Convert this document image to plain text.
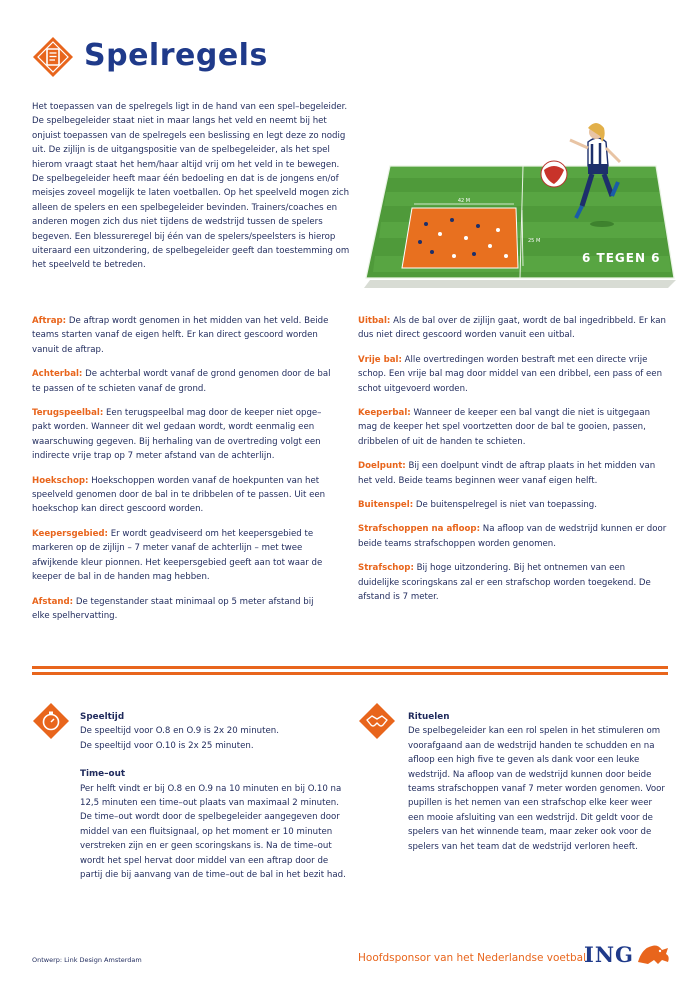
Spelregels
Het toepassen van de spelregels ligt in de hand van een spel–begeleider. De spelbegeleider staat niet in maar langs het veld en neemt bij het onjuist toepassen van de spelregels een beslissing en legt deze zo nodig uit. De zijlijn is de uitgangspositie van de spelbegeleider, als het spel hierom vraagt staat het hem/haar altijd vrij om het veld in te bewegen. De spelbegeleider heeft maar één bedoeling en dat is de jongens en/of meisjes zoveel mogelijk te laten voetballen. Op het speelveld mogen zich alleen de spelers en een spelbegeleider bevinden. Trainers/coaches en anderen mogen zich dus niet tijdens de wedstrijd tussen de spelers begeven. Een blessureregel bij één van de spelers/speelsters is hierop uiteraard een uitzondering, de spelbegeleider geeft dan toestemming om het speelveld te betreden.
42 M
25 M
6 TEGEN 6
Aftrap: De aftrap wordt genomen in het midden van het veld. Beide teams starten vanaf de eigen helft. Er kan direct gescoord worden vanuit de aftrap.
Achterbal: De achterbal wordt vanaf de grond genomen door de bal te passen of te schieten vanaf de grond.
Terugspeelbal: Een terugspeelbal mag door de keeper niet opge–pakt worden. Wanneer dit wel gedaan wordt, wordt eenmalig een waarschuwing gegeven. Bij herhaling van de overtreding volgt een indirecte vrije trap op 7 meter afstand van de achterlijn.
Hoekschop: Hoekschoppen worden vanaf de hoekpunten van het speelveld genomen door de bal in te dribbelen of te passen. Uit een hoekschop kan direct gescoord worden.
Keepersgebied: Er wordt geadviseerd om het keepersgebied te markeren op de zijlijn – 7 meter vanaf de achterlijn – met twee afwijkende kleur pionnen. Het keepersgebied geeft aan tot waar de keeper de bal in de handen mag hebben.
Afstand: De tegenstander staat minimaal op 5 meter afstand bij elke spelhervatting.
Uitbal: Als de bal over de zijlijn gaat, wordt de bal ingedribbeld. Er kan dus niet direct gescoord worden vanuit een uitbal.
Vrije bal: Alle overtredingen worden bestraft met een directe vrije schop. Een vrije bal mag door middel van een dribbel, een pass of een schot uitgevoerd worden.
Keeperbal: Wanneer de keeper een bal vangt die niet is uitgegaan mag de keeper het spel voortzetten door de bal te gooien, passen, dribbelen of uit de handen te schieten.
Doelpunt: Bij een doelpunt vindt de aftrap plaats in het midden van het veld. Beide teams beginnen weer vanaf eigen helft.
Buitenspel: De buitenspelregel is niet van toepassing.
Strafschoppen na afloop: Na afloop van de wedstrijd kunnen er door beide teams strafschoppen worden genomen.
Strafschop: Bij hoge uitzondering. Bij het ontnemen van een duidelijke scoringskans zal er een strafschop worden toegekend. De afstand is 7 meter.
Speeltijd
De speeltijd voor O.8 en O.9 is 2x 20 minuten.

De speeltijd voor O.10 is 2x 25 minuten.

Time–out

Per helft vindt er bij O.8 en O.9 na 10 minuten en bij O.10 na 12,5 minuten een time–out plaats van maximaal 2 minuten. De time–out wordt door de spelbegeleider aangegeven door middel van een fluitsignaal, op het moment er 10 minuten verstreken zijn en er geen scoringskans is. Na de time–out wordt het spel hervat door middel van een aftrap door de partij die bij aanvang van de time–out de bal in het bezit had.

Rituelen

De spelbegeleider kan een rol spelen in het stimuleren om voorafgaand aan de wedstrijd handen te schudden en na afloop een high five te geven als dank voor een leuke wedstrijd. Na afloop van de wedstrijd kunnen door beide teams strafschoppen vanaf 7 meter worden genomen. Voor pupillen is het nemen van een strafschop elke keer weer een mooie afsluiting van een wedstrijd. Dit geldt voor de spelers van het winnende team, maar zeker ook voor de spelers van het team dat de wedstrijd verloren heeft.

Ontwerp: Link Design Amsterdam	Hoofdsponsor van het Nederlandse voetbal
ING
